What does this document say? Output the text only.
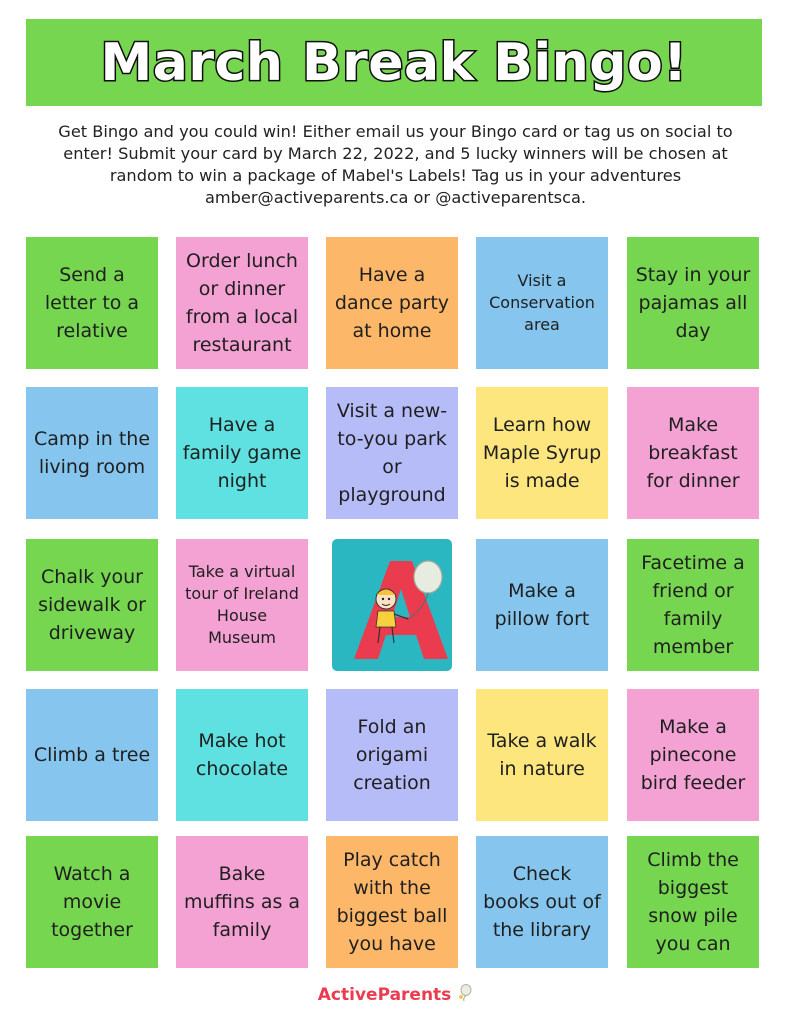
March Break Bingo!
Get Bingo and you could win! Either email us your Bingo card or tag us on social to enter! Submit your card by March 22, 2022, and 5 lucky winners will be chosen at random to win a package of Mabel's Labels! Tag us in your adventures amber@activeparents.ca or @activeparentsca.
Send a letter to a relative
Order lunch or dinner from a local restaurant
Have a dance party at home
Visit a Conservation area
Stay in your pajamas all day
Camp in the living room
Have a family game night
Visit a new-to-you park or playground
Learn how Maple Syrup is made
Make breakfast for dinner
Chalk your sidewalk or driveway
Take a virtual tour of Ireland House Museum
Make a pillow fort
Facetime a friend or family member
Climb a tree
Make hot chocolate
Fold an origami creation
Take a walk in nature
Make a pinecone bird feeder
Watch a movie together
Bake muffins as a family
Play catch with the biggest ball you have
Check books out of the library
Climb the biggest snow pile you can
ActiveParents
